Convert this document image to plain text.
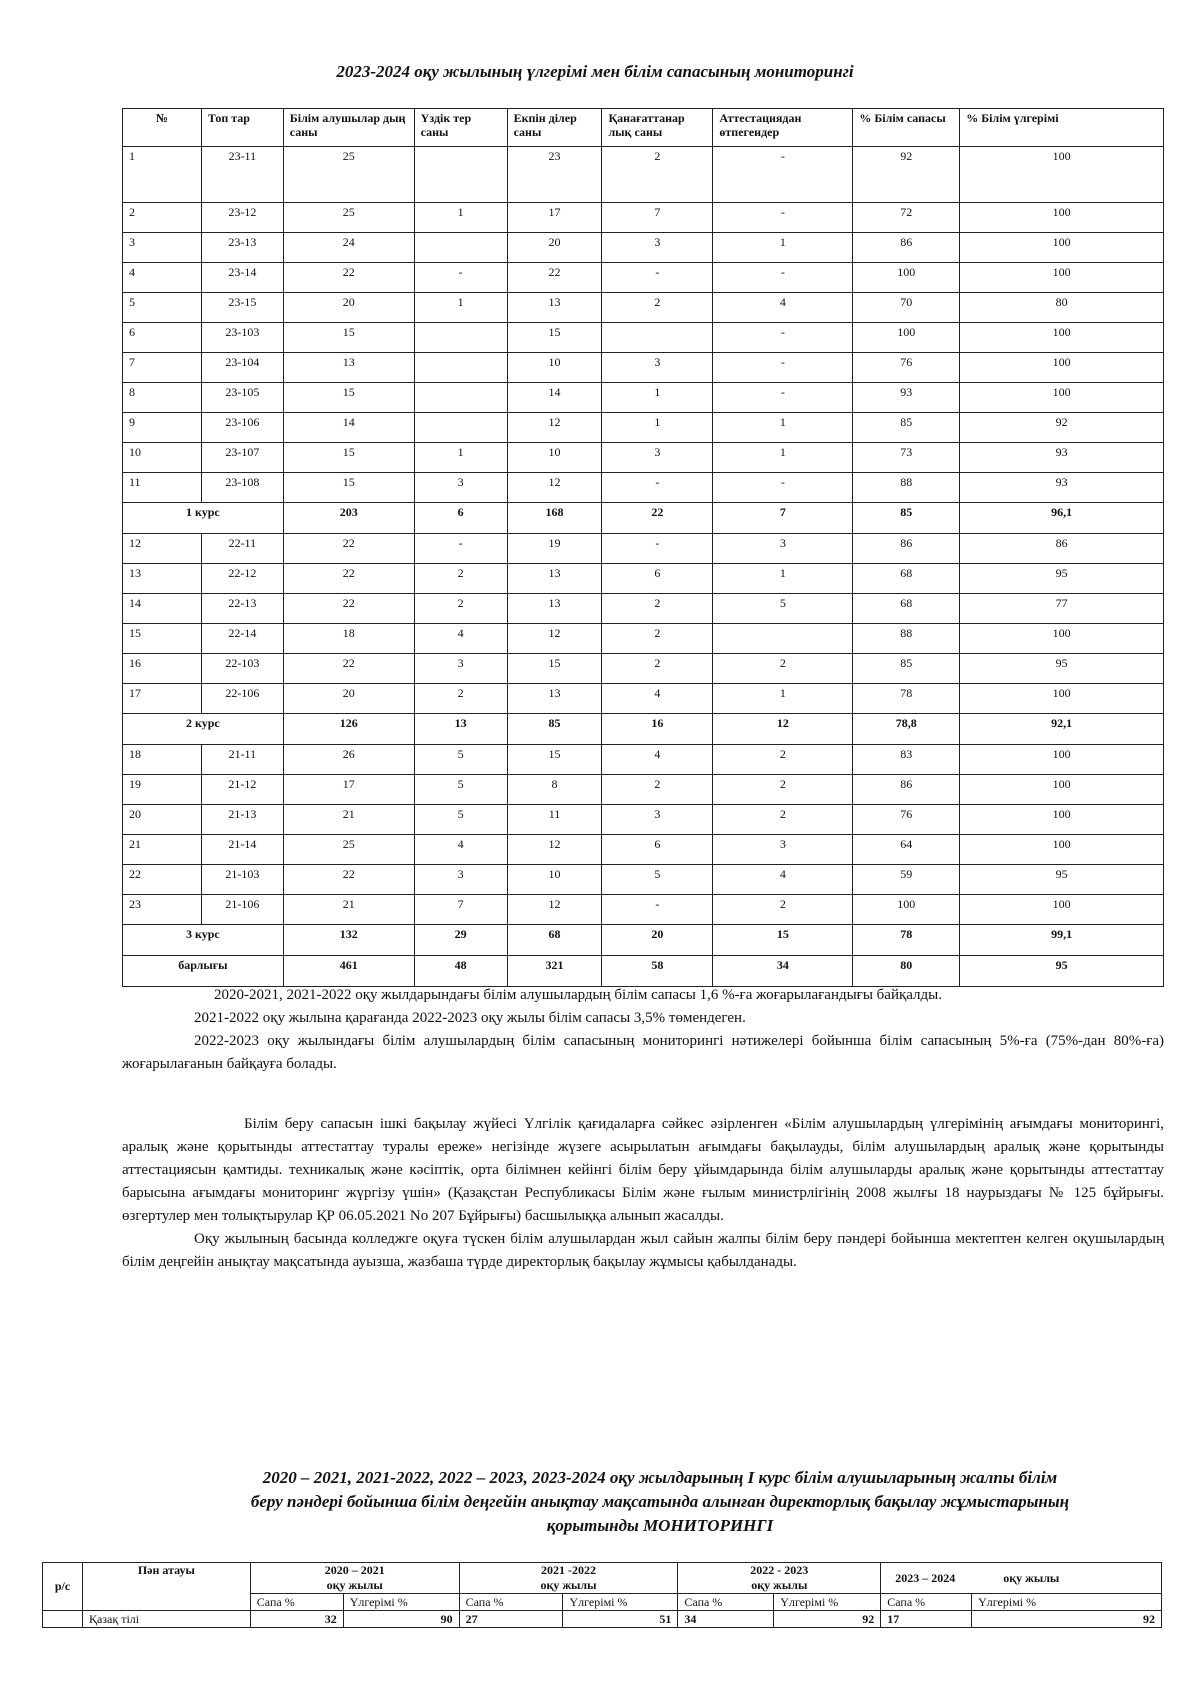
2023-2024 оқу жылының үлгерімі мен білім сапасының мониторингі
№	Топ тар	Білім алушылар дың саны	Үздік тер саны	Екпін ділер саны	Қанағаттанар лық саны	Аттестациядан өтпегендер	% Білім сапасы	% Білім үлгерімі
1	23-11	25		23	2	-	92	100
2	23-12	25	1	17	7	-	72	100
3	23-13	24		20	3	1	86	100
4	23-14	22	-	22	-	-	100	100
5	23-15	20	1	13	2	4	70	80
6	23-103	15		15		-	100	100
7	23-104	13		10	3	-	76	100
8	23-105	15		14	1	-	93	100
9	23-106	14		12	1	1	85	92
10	23-107	15	1	10	3	1	73	93
11	23-108	15	3	12	-	-	88	93
1 курс		203	6	168	22	7	85	96,1
12	22-11	22	-	19	-	3	86	86
13	22-12	22	2	13	6	1	68	95
14	22-13	22	2	13	2	5	68	77
15	22-14	18	4	12	2		88	100
16	22-103	22	3	15	2	2	85	95
17	22-106	20	2	13	4	1	78	100
2 курс		126	13	85	16	12	78,8	92,1
18	21-11	26	5	15	4	2	83	100
19	21-12	17	5	8	2	2	86	100
20	21-13	21	5	11	3	2	76	100
21	21-14	25	4	12	6	3	64	100
22	21-103	22	3	10	5	4	59	95
23	21-106	21	7	12	-	2	100	100
3 курс		132	29	68	20	15	78	99,1
барлығы		461	48	321	58	34	80	95

2020-2021, 2021-2022 оқу жылдарындағы білім алушылардың білім сапасы 1,6 %-ға жоғарылағандығы байқалды.

2021-2022 оқу жылына қарағанда 2022-2023 оқу жылы білім сапасы 3,5% төмендеген.

2022-2023 оқу жылындағы білім алушылардың білім сапасының мониторингі нәтижелері бойынша білім сапасының 5%-ға (75%-дан 80%-ға) жоғарылағанын байқауға болады.

Білім беру сапасын ішкі бақылау жүйесі Үлгілік қағидаларға сәйкес әзірленген «Білім алушылардың үлгерімінің ағымдағы мониторингі, аралық және қорытынды аттестаттау туралы ереже» негізінде жүзеге асырылатын ағымдағы бақылауды, білім алушылардың аралық және қорытынды аттестациясын қамтиды. техникалық және кәсіптік, орта білімнен кейінгі білім беру ұйымдарында білім алушыларды аралық және қорытынды аттестаттау барысына ағымдағы мониторинг жүргізу үшін» (Қазақстан Республикасы Білім және ғылым министрлігінің 2008 жылғы 18 наурыздағы № 125 бұйрығы. өзгертулер мен толықтырулар ҚР 06.05.2021 No 207 Бұйрығы) басшылыққа алынып жасалды.

Оқу жылының басында колледжге оқуға түскен білім алушылардан жыл сайын жалпы білім беру пәндері бойынша мектептен келген оқушылардың білім деңгейін анықтау мақсатында ауызша, жазбаша түрде директорлық бақылау жұмысы қабылданады.

2020 – 2021, 2021-2022, 2022 – 2023, 2023-2024 оқу жылдарының І курс білім алушыларының жалпы білім
беру пәндері бойынша білім деңгейін анықтау мақсатында алынған директорлық бақылау жұмыстарының
қорытынды МОНИТОРИНГІ
р/с	Пән атауы	2020 – 2021		2021 -2022		2022 - 2023		2023 – 2024 оқу жылы	
		оқу жылы		оқу жылы		оқу жылы			
		Сапа %	Үлгерімі %	Сапа %	Үлгерімі %	Сапа %	Үлгерімі %	Сапа %	Үлгерімі %
	Қазақ тілі	32	90	27	51	34	92	17	92
